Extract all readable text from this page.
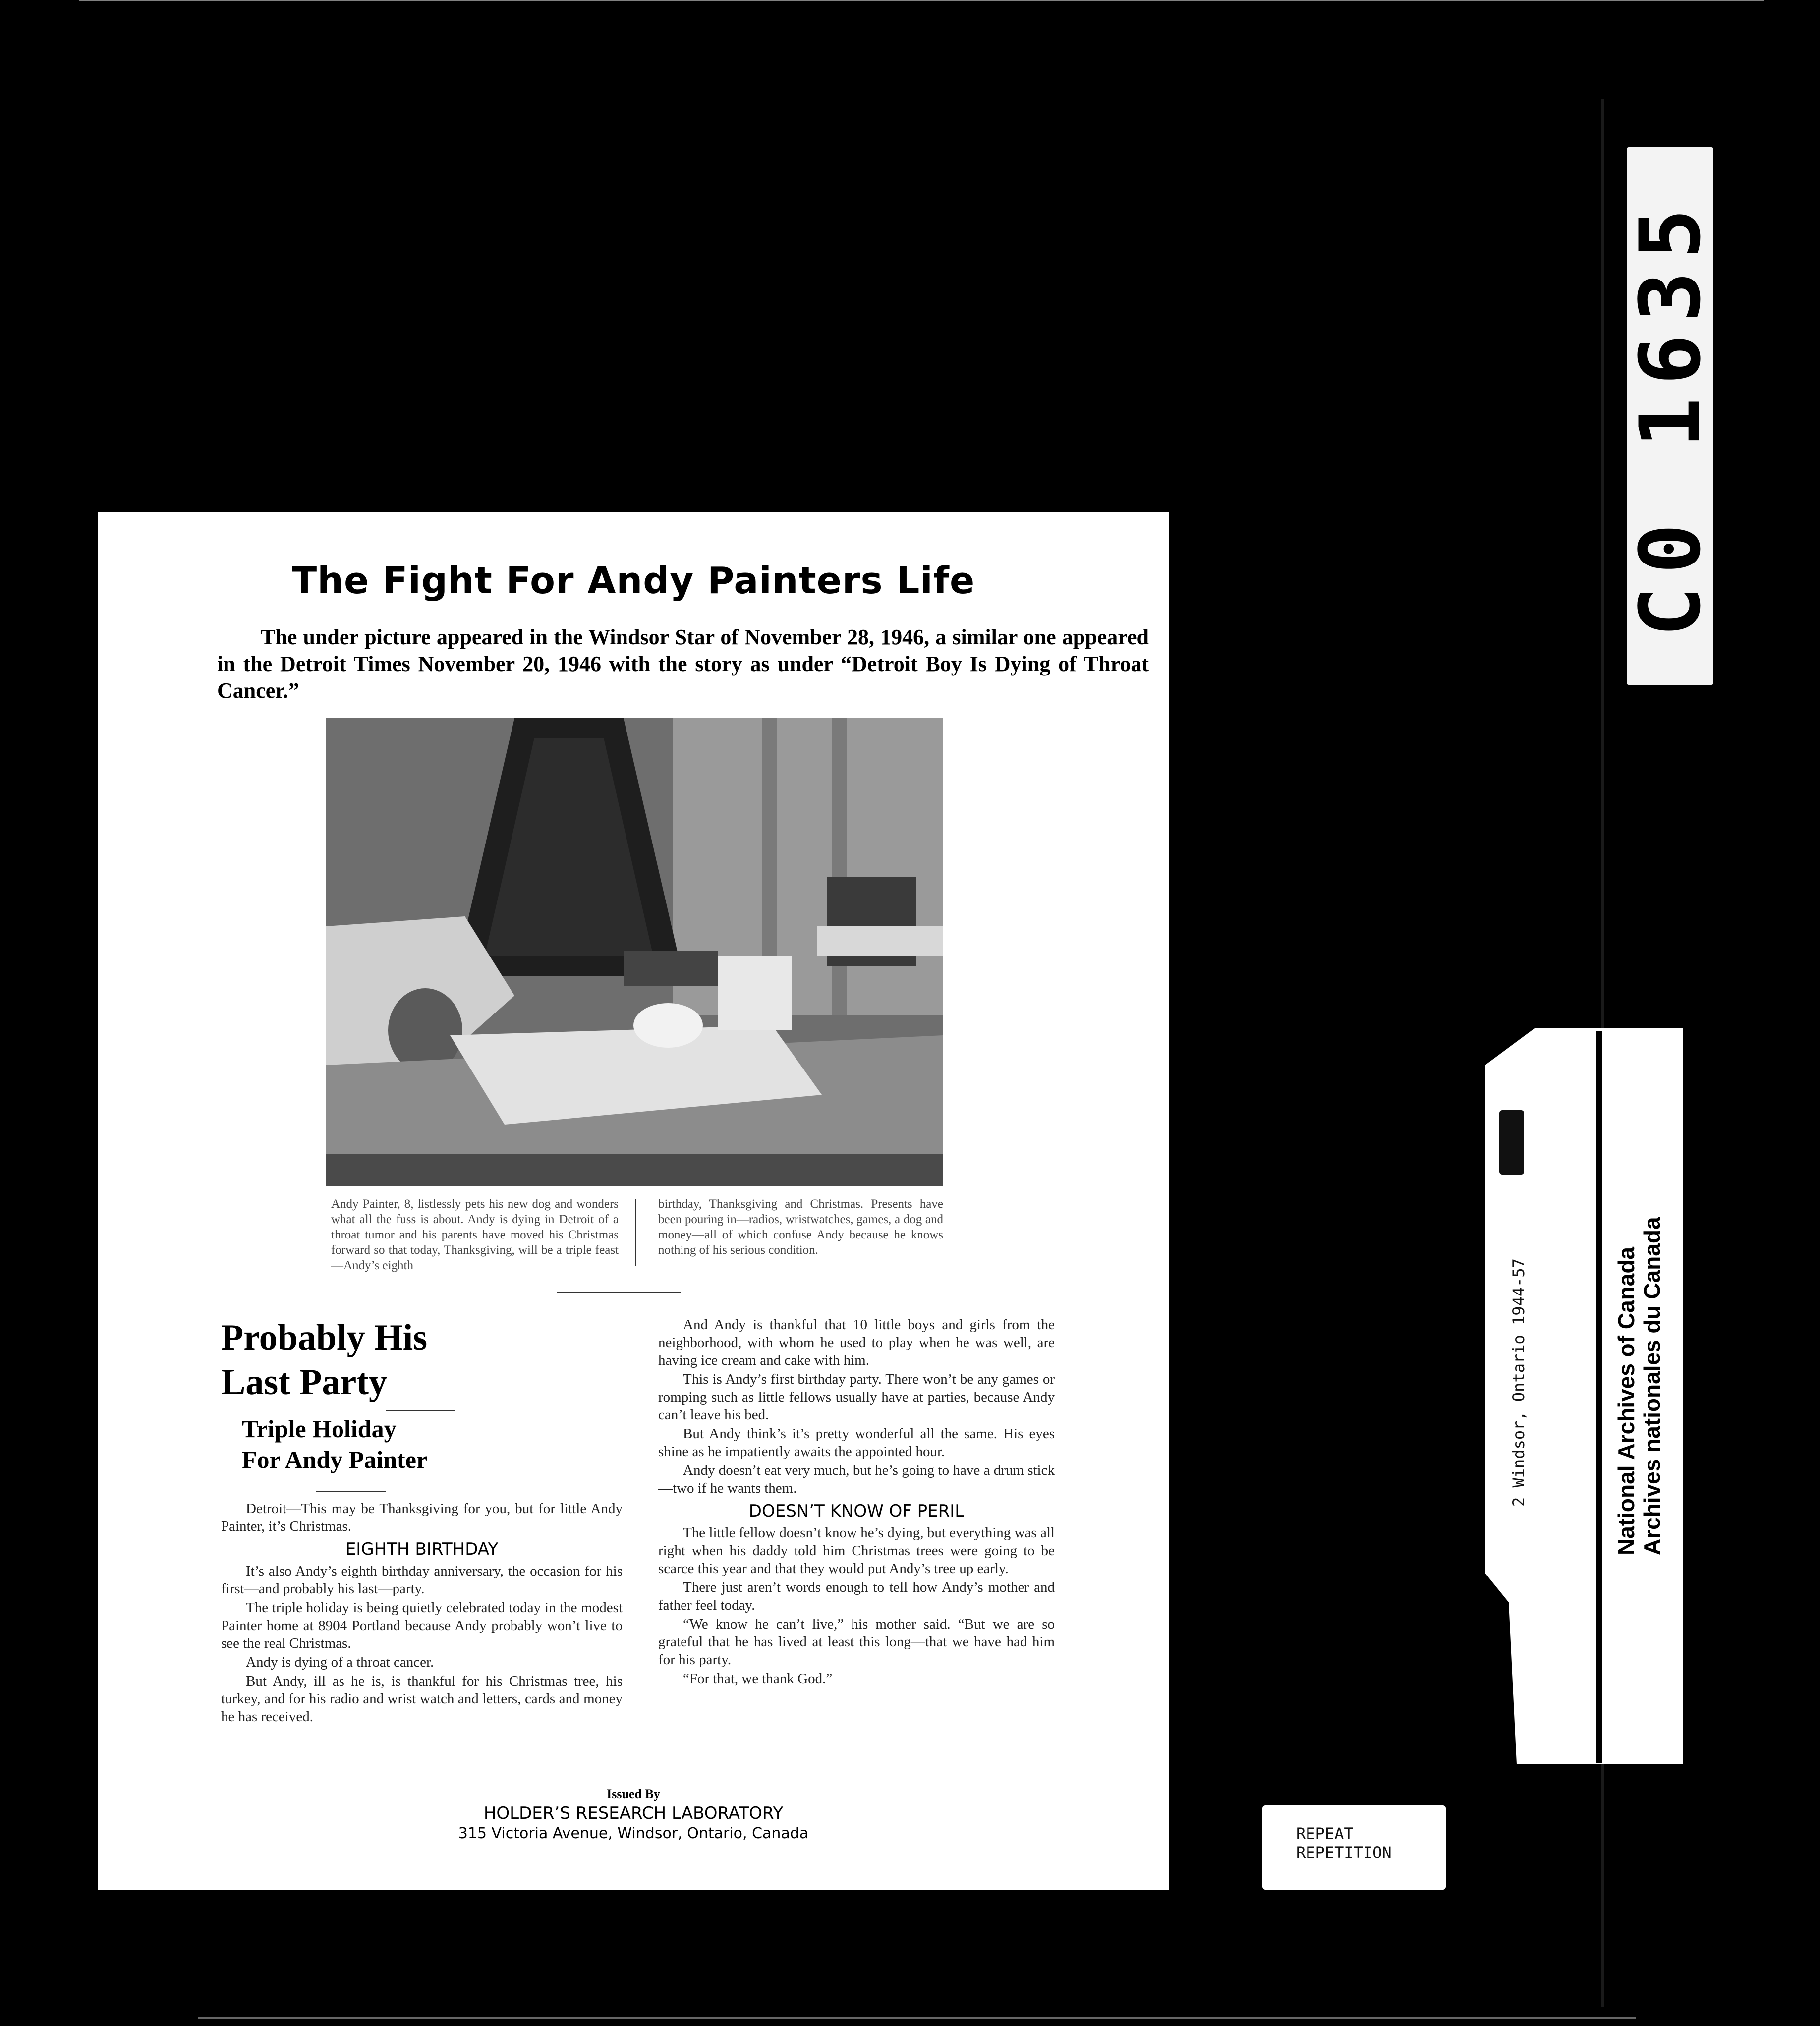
The Fight For Andy Painters Life
The under picture appeared in the Windsor Star of November 28, 1946, a similar one appeared in the Detroit Times November 20, 1946 with the story as under “Detroit Boy Is Dying of Throat Cancer.”
Andy Painter, 8, listlessly pets his new dog and wonders what all the fuss is about. Andy is dying in Detroit of a throat tumor and his parents have moved his Christmas forward so that today, Thanksgiving, will be a triple feast—Andy’s eighth
birthday, Thanksgiving and Christmas. Presents have been pouring in—radios, wristwatches, games, a dog and money—all of which confuse Andy because he knows nothing of his serious condition.
Probably His
Last Party
Triple Holiday
For Andy Painter

Detroit—This may be Thanksgiving for you, but for little Andy Painter, it’s Christmas.

EIGHTH BIRTHDAY

It’s also Andy’s eighth birthday anniversary, the occasion for his first—and probably his last—party.

The triple holiday is being quietly celebrated today in the modest Painter home at 8904 Portland because Andy probably won’t live to see the real Christmas.

Andy is dying of a throat cancer.

But Andy, ill as he is, is thankful for his Christmas tree, his turkey, and for his radio and wrist watch and letters, cards and money he has received.

And Andy is thankful that 10 little boys and girls from the neighborhood, with whom he used to play when he was well, are having ice cream and cake with him.

This is Andy’s first birthday party. There won’t be any games or romping such as little fellows usually have at parties, because Andy can’t leave his bed.

But Andy think’s it’s pretty wonderful all the same. His eyes shine as he impatiently awaits the appointed hour.

Andy doesn’t eat very much, but he’s going to have a drum stick—two if he wants them.

DOESN’T KNOW OF PERIL

The little fellow doesn’t know he’s dying, but everything was all right when his daddy told him Christmas trees were going to be scarce this year and that they would put Andy’s tree up early.

There just aren’t words enough to tell how Andy’s mother and father feel today.

“We know he can’t live,” his mother said. “But we are so grateful that he has lived at least this long—that we have had him for his party.

“For that, we thank God.”

Issued By
HOLDER’S RESEARCH LABORATORY
315 Victoria Avenue, Windsor, Ontario, Canada
C0 1635
2 Windsor, Ontario 1944-57	National Archives of Canada Archives nationales du Canada
REPEAT
REPETITION
